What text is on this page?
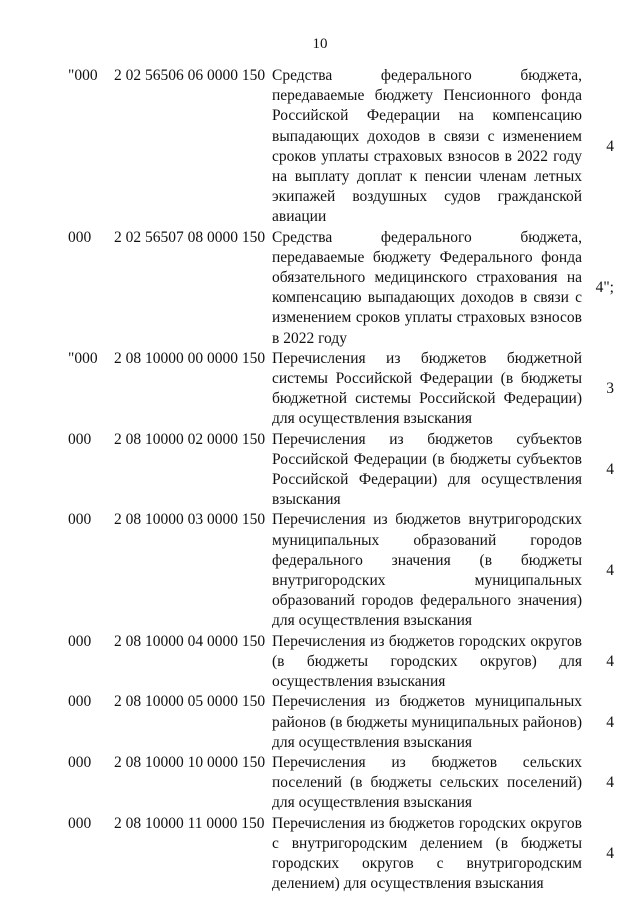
10
"000 2 02 56506 06 0000 150 Средства федерального бюджета, передаваемые бюджету Пенсионного фонда Российской Федерации на компенсацию выпадающих доходов в связи с изменением сроков уплаты страховых взносов в 2022 году на выплату доплат к пенсии членам летных экипажей воздушных судов гражданской авиации
4
000 2 02 56507 08 0000 150 Средства федерального бюджета, передаваемые бюджету Федерального фонда обязательного медицинского страхования на компенсацию выпадающих доходов в связи с изменением сроков уплаты страховых взносов в 2022 году
4";
"000 2 08 10000 00 0000 150 Перечисления из бюджетов бюджетной системы Российской Федерации (в бюджеты бюджетной системы Российской Федерации) для осуществления взыскания
3
000 2 08 10000 02 0000 150 Перечисления из бюджетов субъектов Российской Федерации (в бюджеты субъектов Российской Федерации) для осуществления взыскания
4
000 2 08 10000 03 0000 150 Перечисления из бюджетов внутригородских муниципальных образований городов федерального значения (в бюджеты внутригородских муниципальных образований городов федерального значения) для осуществления взыскания
4
000 2 08 10000 04 0000 150 Перечисления из бюджетов городских округов (в бюджеты городских округов) для осуществления взыскания
4
000 2 08 10000 05 0000 150 Перечисления из бюджетов муниципальных районов (в бюджеты муниципальных районов) для осуществления взыскания
4
000 2 08 10000 10 0000 150 Перечисления из бюджетов сельских поселений (в бюджеты сельских поселений) для осуществления взыскания
4
000 2 08 10000 11 0000 150 Перечисления из бюджетов городских округов с внутригородским делением (в бюджеты городских округов с внутригородским делением) для осуществления взыскания
4
